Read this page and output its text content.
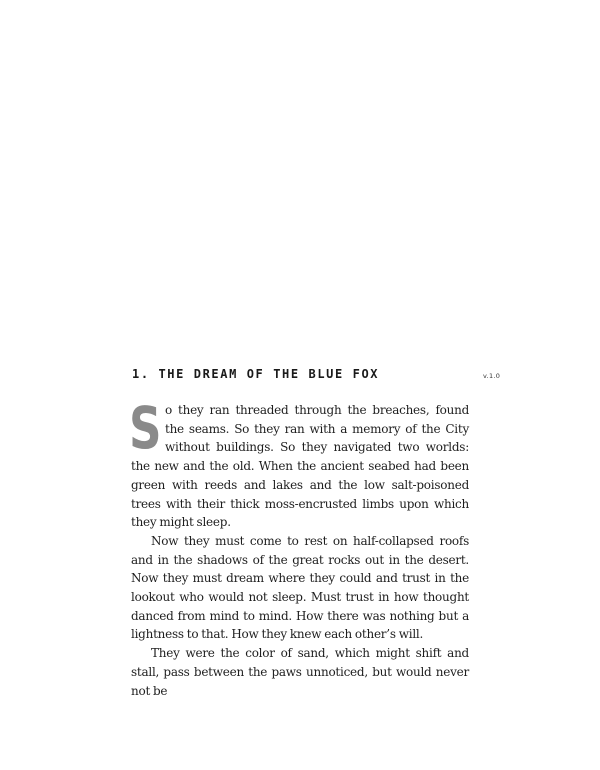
1. THE DREAM OF THE BLUE FOX	v.1.0

So they ran threaded through the breaches, found the seams. So they ran with a memory of the City without buildings. So they navigated two worlds: the new and the old. When the ancient seabed had been green with reeds and lakes and the low salt-poisoned trees with their thick moss-encrusted limbs upon which they might sleep.

Now they must come to rest on half-collapsed roofs and in the shadows of the great rocks out in the desert. Now they must dream where they could and trust in the lookout who would not sleep. Must trust in how thought danced from mind to mind. How there was nothing but a lightness to that. How they knew each other’s will.

They were the color of sand, which might shift and stall, pass between the paws unnoticed, but would never not be
